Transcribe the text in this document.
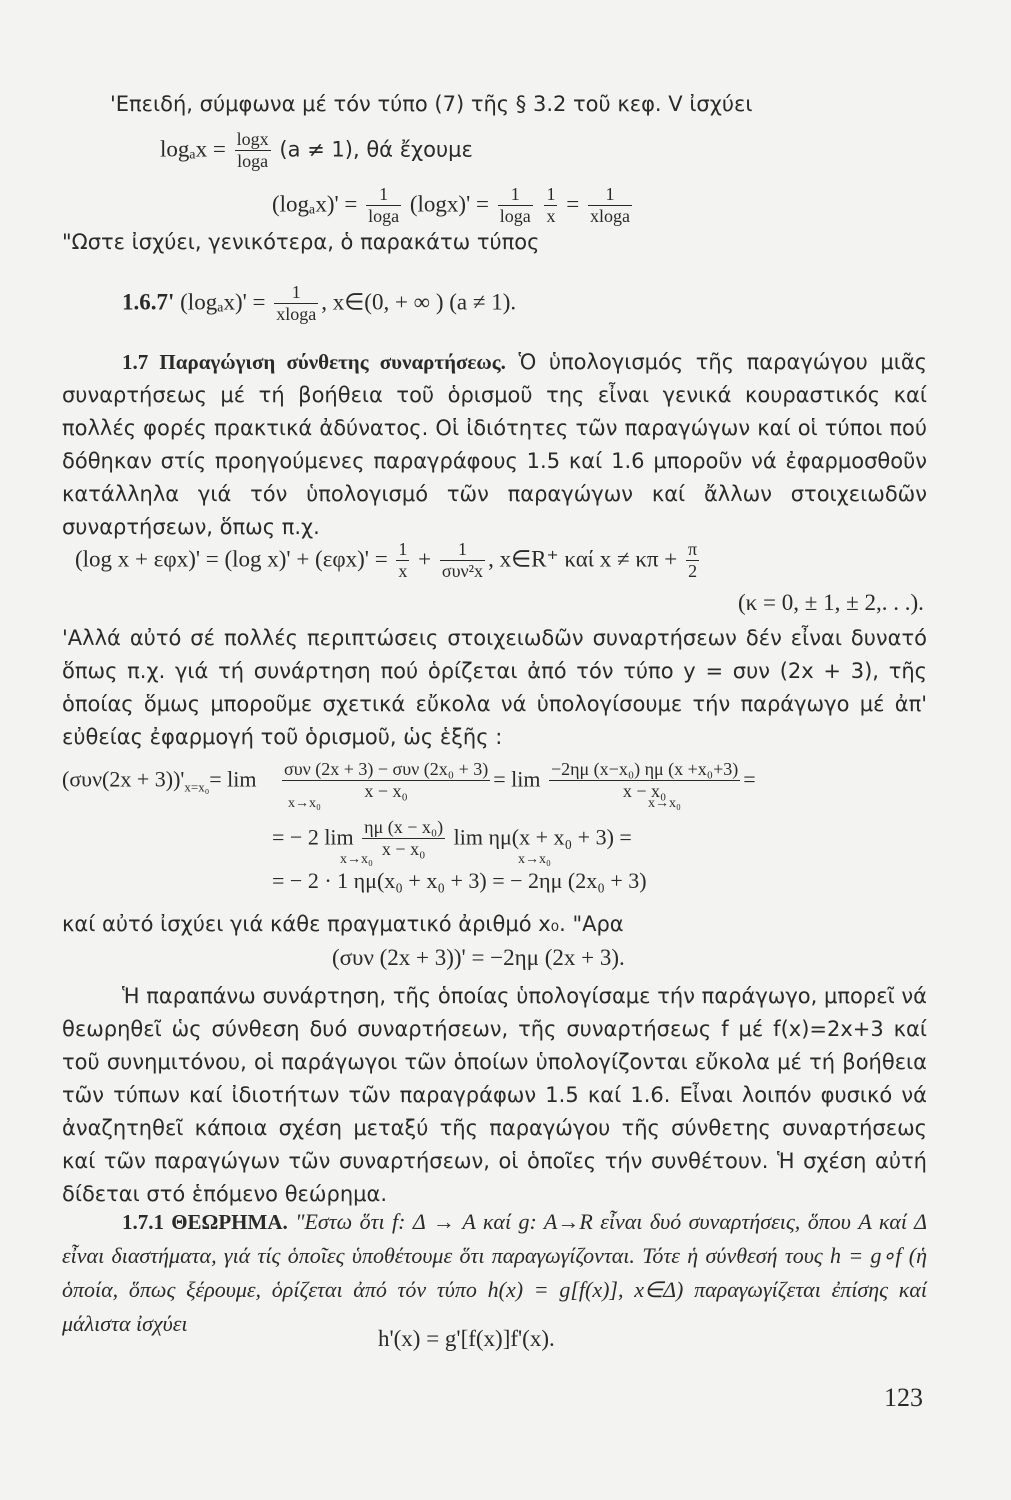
'Επειδή, σύμφωνα μέ τόν τύπο (7) τῆς § 3.2 τοῦ κεφ. V ἰσχύει
$\log_ax = \frac{\log x}{\log a} (a \ne 1)$, θά ἔχουμε
$(\log_ax)' = \frac{1}{\log a} (\log x)' = \frac{1}{\log a}$
$\frac{1}{x} = \frac{1}{xloga}$
"Ωστε ἰσχύει, γενικότερα, ὁ παρακάτω τύπος
1.6.7' $(\log_ax)' = \frac{1}{xloga}$ , x∈(0, + ∞ ) (a ≠ 1).
1.7 Παραγώγιση σύνθετης συναρτήσεως. Ὁ ὑπολογισμός τῆς παραγώγου μιᾶς συναρτήσεως μέ τή βοήθεια τοῦ ὁρισμοῦ της εἶναι γενικά κουραστικός καί πολλές φορές πρακτικά ἀδύνατος. Οἱ ἰδιότητες τῶν παραγώγων καί οἱ τύποι πού δόθηκαν στίς προηγούμενες παραγράφους 1.5 καί 1.6 μποροῦν νά ἐφαρμοσθοῦν κατάλληλα γιά τόν ὑπολογισμό τῶν παραγώγων καί ἄλλων στοιχειωδῶν συναρτήσεων, ὅπως π.χ.
(log x + εφx)' = (log $x)' + (\varepsilon\varphi x)' = \frac{1}{x} + \frac{1}{\text{συν²x}}$ , x∈R⁺ καί $x \ne \kappa\pi + \frac{\pi}{2}$
(κ = 0, ± 1, ± 2,. . .).
'Αλλά αὐτό σέ πολλές περιπτώσεις στοιχειωδῶν συναρτήσεων δέν εἶναι δυνατό ὅπως π.χ. γιά τή συνάρτηση πού ὁρίζεται ἀπό τόν τύπο y = συν (2x + 3), τῆς ὁποίας ὅμως μποροῦμε σχετικά εὔκολα νά ὑπολογίσουμε τήν παράγωγο μέ ἀπ' εὐθείας ἐφαρμογή τοῦ ὁρισμοῦ, ὡς ἑξῆς :
$(\sigma\upsilon\nu(2x + 3))'_{x=x_0}= \lim \frac{\text{συν (2x + 3) − συν (2x₀ + 3)}}{\text{x − x₀}} = \lim \frac{\text{−2ημ (x−x₀) ημ (x +x₀+3)}}{\text{x − x₀}}$ =
x→x₀	x→x₀
= − 2 $\lim \frac{\text{ημ (x − x₀)}}{\text{x − x₀}}$ lim ημ(x + x₀ + 3) =
x→x₀	x→x₀
= − 2 · 1 ημ(x₀ + x₀ + 3) = − 2ημ (2x₀ + 3)
καί αὐτό ἰσχύει γιά κάθε πραγματικό ἀριθμό x₀. "Αρα
(συν (2x + 3))' = −2ημ (2x + 3).
Ἡ παραπάνω συνάρτηση, τῆς ὁποίας ὑπολογίσαμε τήν παράγωγο, μπορεῖ νά θεωρηθεῖ ὡς σύνθεση δυό συναρτήσεων, τῆς συναρτήσεως f μέ f(x)=2x+3 καί τοῦ συνημιτόνου, οἱ παράγωγοι τῶν ὁποίων ὑπολογίζονται εὔκολα μέ τή βοήθεια τῶν τύπων καί ἰδιοτήτων τῶν παραγράφων 1.5 καί 1.6. Εἶναι λοιπόν φυσικό νά ἀναζητηθεῖ κάποια σχέση μεταξύ τῆς παραγώγου τῆς σύνθετης συναρτήσεως καί τῶν παραγώγων τῶν συναρτήσεων, οἱ ὁποῖες τήν συνθέτουν. Ἡ σχέση αὐτή δίδεται στό ἑπόμενο θεώρημα.
1.7.1 ΘΕΩΡΗΜΑ. "Εστω ὅτι f: Δ → A καί g: A→R εἶναι δυό συναρτήσεις, ὅπου A καί Δ εἶναι διαστήματα, γιά τίς ὁποῖες ὑποθέτουμε ὅτι παραγωγίζονται. Τότε ἡ σύνθεσή τους h = g∘f (ἡ ὁποία, ὅπως ξέρουμε, ὁρίζεται ἀπό τόν τύπο h(x) = g[f(x)], x∈Δ) παραγωγίζεται ἐπίσης καί μάλιστα ἰσχύει
h'(x) = g'[f(x)]f'(x).
123
